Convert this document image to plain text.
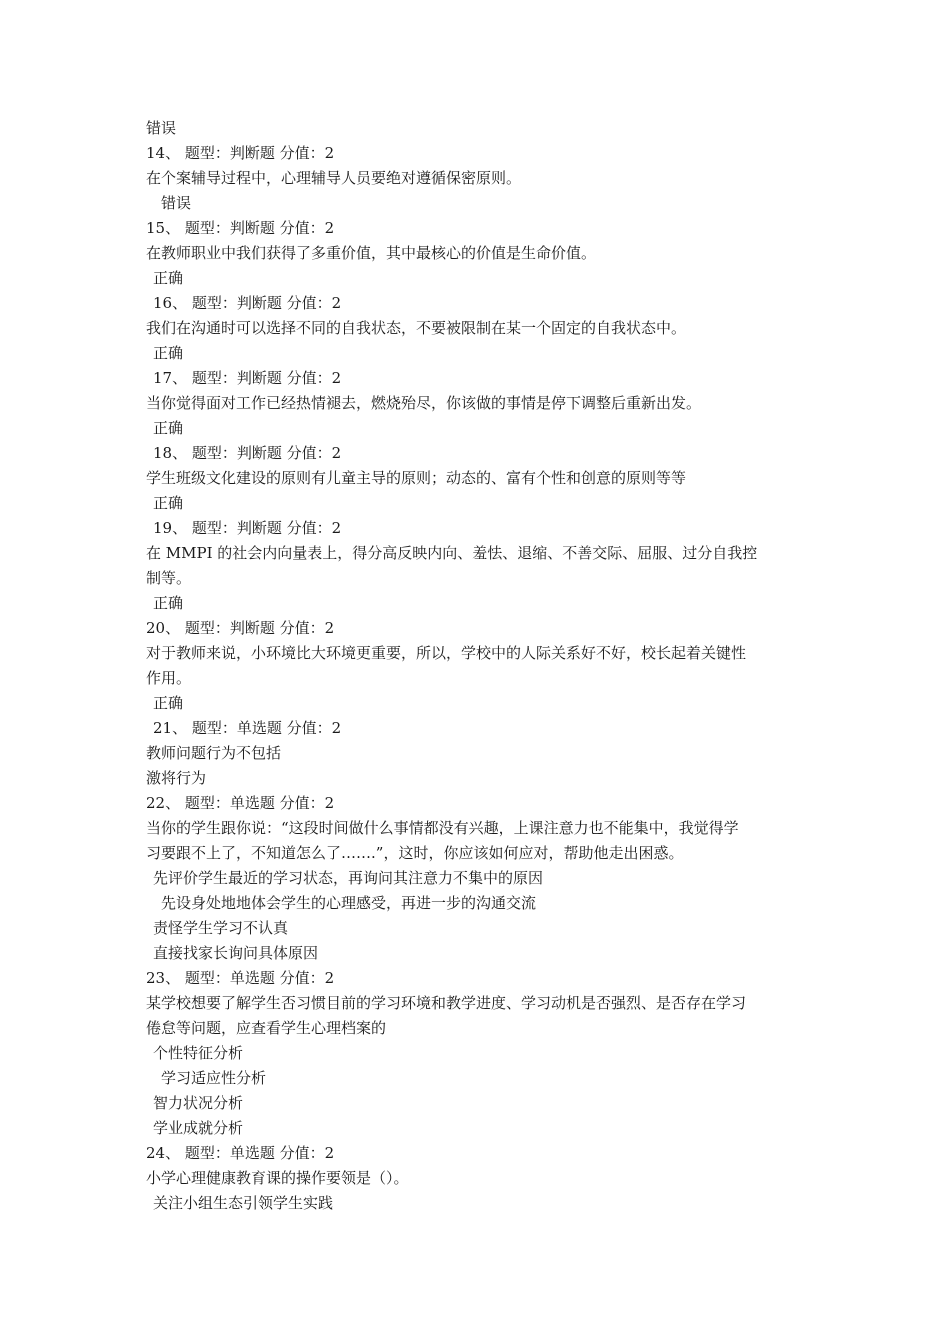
错误
14、 题型：判断题 分值：2
在个案辅导过程中，心理辅导人员要绝对遵循保密原则。
错误
15、 题型：判断题 分值：2
在教师职业中我们获得了多重价值，其中最核心的价值是生命价值。
正确
16、 题型：判断题 分值：2
我们在沟通时可以选择不同的自我状态，不要被限制在某一个固定的自我状态中。
正确
17、 题型：判断题 分值：2
当你觉得面对工作已经热情褪去，燃烧殆尽，你该做的事情是停下调整后重新出发。
正确
18、 题型：判断题 分值：2
学生班级文化建设的原则有儿童主导的原则；动态的、富有个性和创意的原则等等
正确
19、 题型：判断题 分值：2
在 MMPI 的社会内向量表上，得分高反映内向、羞怯、退缩、不善交际、屈服、过分自我控
制等。
正确
20、 题型：判断题 分值：2
对于教师来说，小环境比大环境更重要，所以，学校中的人际关系好不好，校长起着关键性
作用。
正确
21、 题型：单选题 分值：2
教师问题行为不包括
激将行为
22、 题型：单选题 分值：2
当你的学生跟你说：“这段时间做什么事情都没有兴趣，上课注意力也不能集中，我觉得学
习要跟不上了，不知道怎么了…….”，这时，你应该如何应对，帮助他走出困惑。
先评价学生最近的学习状态，再询问其注意力不集中的原因
先设身处地地体会学生的心理感受，再进一步的沟通交流
责怪学生学习不认真
直接找家长询问具体原因
23、 题型：单选题 分值：2
某学校想要了解学生否习惯目前的学习环境和教学进度、学习动机是否强烈、是否存在学习
倦怠等问题，应查看学生心理档案的
个性特征分析
学习适应性分析
智力状况分析
学业成就分析
24、 题型：单选题 分值：2
小学心理健康教育课的操作要领是（）。
关注小组生态引领学生实践
